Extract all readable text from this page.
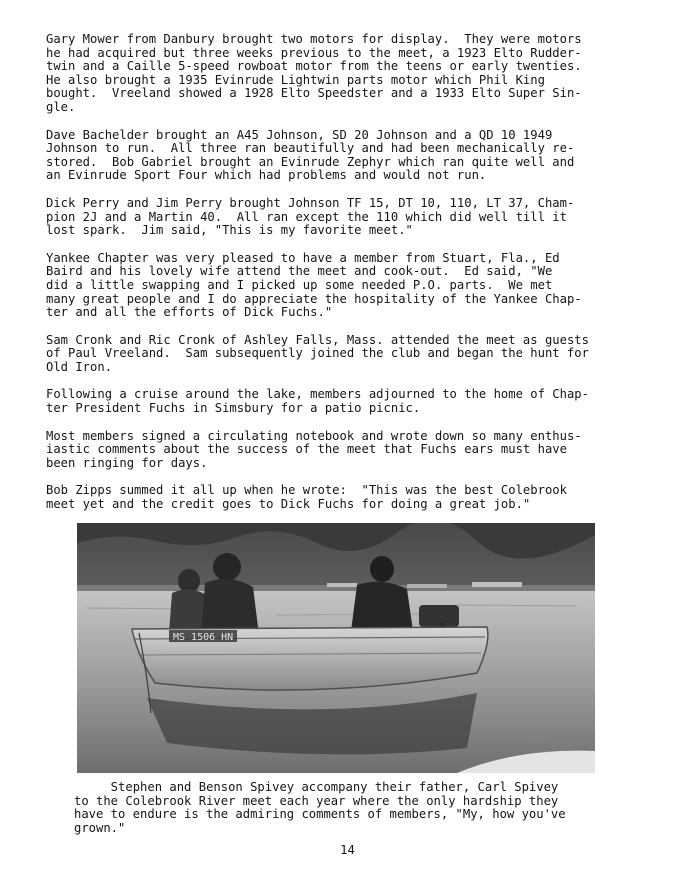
Gary Mower from Danbury brought two motors for display.  They were motors
he had acquired but three weeks previous to the meet, a 1923 Elto Rudder-
twin and a Caille 5-speed rowboat motor from the teens or early twenties.
He also brought a 1935 Evinrude Lightwin parts motor which Phil King
bought.  Vreeland showed a 1928 Elto Speedster and a 1933 Elto Super Sin-
gle.

Dave Bachelder brought an A45 Johnson, SD 20 Johnson and a QD 10 1949
Johnson to run.  All three ran beautifully and had been mechanically re-
stored.  Bob Gabriel brought an Evinrude Zephyr which ran quite well and
an Evinrude Sport Four which had problems and would not run.

Dick Perry and Jim Perry brought Johnson TF 15, DT 10, 110, LT 37, Cham-
pion 2J and a Martin 40.  All ran except the 110 which did well till it
lost spark.  Jim said, "This is my favorite meet."

Yankee Chapter was very pleased to have a member from Stuart, Fla., Ed
Baird and his lovely wife attend the meet and cook-out.  Ed said, "We
did a little swapping and I picked up some needed P.O. parts.  We met
many great people and I do appreciate the hospitality of the Yankee Chap-
ter and all the efforts of Dick Fuchs."

Sam Cronk and Ric Cronk of Ashley Falls, Mass. attended the meet as guests
of Paul Vreeland.  Sam subsequently joined the club and began the hunt for
Old Iron.

Following a cruise around the lake, members adjourned to the home of Chap-
ter President Fuchs in Simsbury for a patio picnic.

Most members signed a circulating notebook and wrote down so many enthus-
iastic comments about the success of the meet that Fuchs ears must have
been ringing for days.

Bob Zipps summed it all up when he wrote:  "This was the best Colebrook
meet yet and the credit goes to Dick Fuchs for doing a great job."

MS 1506 HN

Stephen and Benson Spivey accompany their father, Carl Spivey
to the Colebrook River meet each year where the only hardship they
have to endure is the admiring comments of members, "My, how you've
grown."

14
